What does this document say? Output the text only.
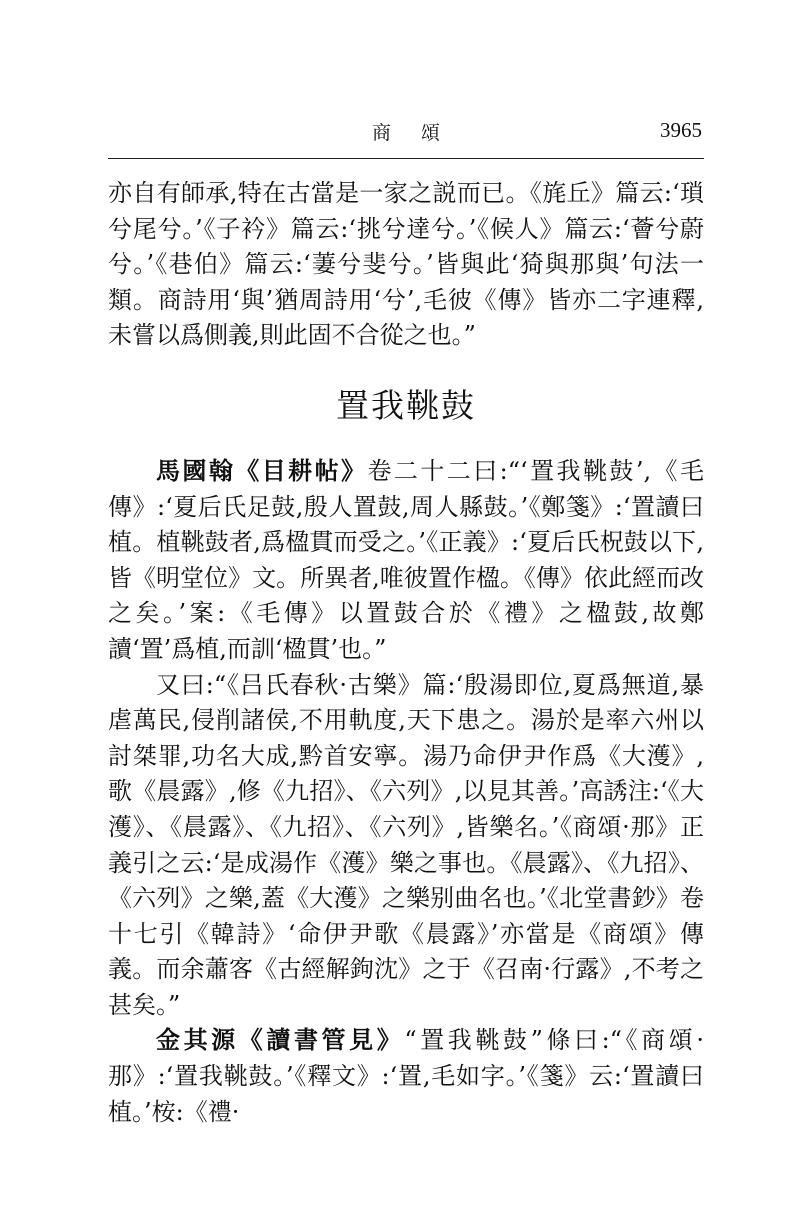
商頌	3965

亦自有師承,特在古當是一家之説而已。《旄丘》篇云:‘瑣兮尾兮。’《子衿》篇云:‘挑兮達兮。’《候人》篇云:‘薈兮蔚兮。’《巷伯》篇云:‘萋兮斐兮。’皆與此‘猗與那與’句法一類。商詩用‘與’猶周詩用‘兮’,毛彼《傳》皆亦二字連釋,未嘗以爲側義,則此固不合從之也。”

置我鞉鼓

馬國翰《目耕帖》卷二十二曰:“‘置我鞉鼓’,《毛傳》:‘夏后氏足鼓,殷人置鼓,周人縣鼓。’《鄭箋》:‘置讀曰植。植鞉鼓者,爲楹貫而受之。’《正義》:‘夏后氏柷鼓以下,皆《明堂位》文。所異者,唯彼置作楹。《傳》依此經而改之矣。’案:《毛傳》以置鼓合於《禮》之楹鼓,故鄭讀‘置’爲植,而訓‘楹貫’也。”

又曰:“《吕氏春秋·古樂》篇:‘殷湯即位,夏爲無道,暴虐萬民,侵削諸侯,不用軌度,天下患之。湯於是率六州以討桀罪,功名大成,黔首安寧。湯乃命伊尹作爲《大濩》,歌《晨露》,修《九招》、《六列》,以見其善。’高誘注:‘《大濩》、《晨露》、《九招》、《六列》,皆樂名。’《商頌·那》正義引之云:‘是成湯作《濩》樂之事也。《晨露》、《九招》、《六列》之樂,蓋《大濩》之樂别曲名也。’《北堂書鈔》卷十七引《韓詩》‘命伊尹歌《晨露》’亦當是《商頌》傳義。而余蕭客《古經解鉤沈》之于《召南·行露》,不考之甚矣。”

金其源《讀書管見》“置我鞉鼓”條曰:“《商頌·那》:‘置我鞉鼓。’《釋文》:‘置,毛如字。’《箋》云:‘置讀曰植。’桉:《禮·
